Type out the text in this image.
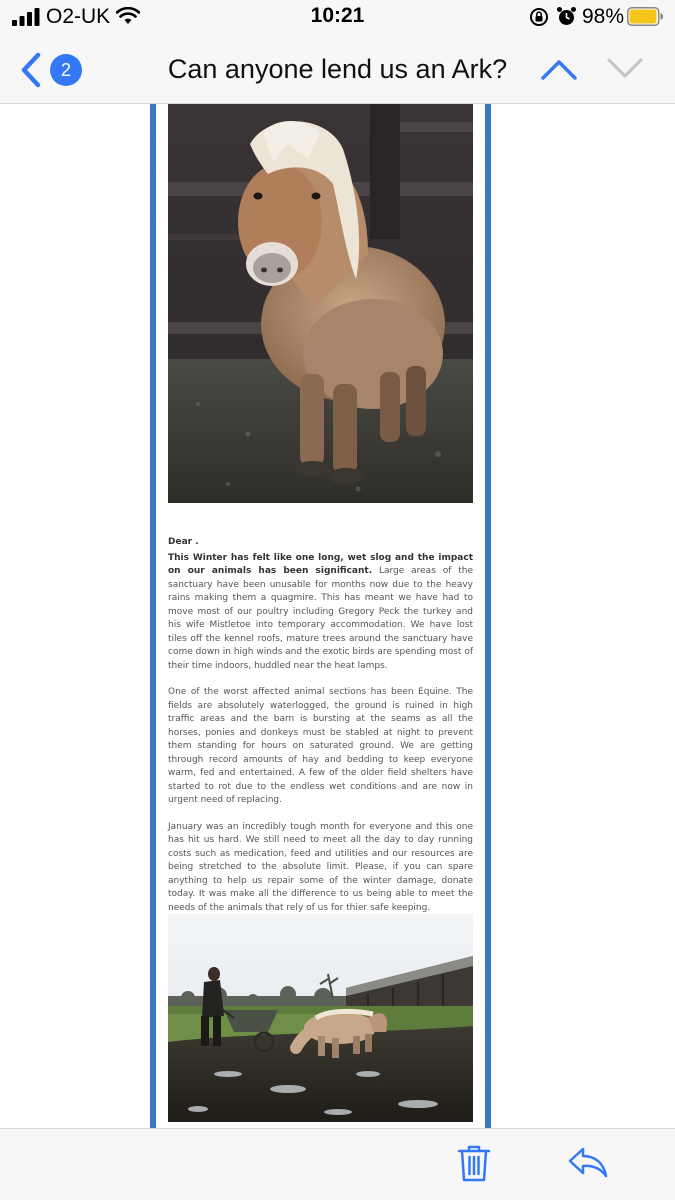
O2-UK	10:21	98%
2	Can anyone lend us an Ark?
Dear .

This Winter has felt like one long, wet slog and the impact on our animals has been significant. Large areas of the sanctuary have been unusable for months now due to the heavy rains making them a quagmire. This has meant we have had to move most of our poultry including Gregory Peck the turkey and his wife Mistletoe into temporary accommodation. We have lost tiles off the kennel roofs, mature trees around the sanctuary have come down in high winds and the exotic birds are spending most of their time indoors, huddled near the heat lamps.

One of the worst affected animal sections has been Equine. The fields are absolutely waterlogged, the ground is ruined in high traffic areas and the barn is bursting at the seams as all the horses, ponies and donkeys must be stabled at night to prevent them standing for hours on saturated ground. We are getting through record amounts of hay and bedding to keep everyone warm, fed and entertained. A few of the older field shelters have started to rot due to the endless wet conditions and are now in urgent need of replacing.

January was an incredibly tough month for everyone and this one has hit us hard. We still need to meet all the day to day running costs such as medication, feed and utilities and our resources are being stretched to the absolute limit. Please, if you can spare anything to help us repair some of the winter damage, donate today. It was make all the difference to us being able to meet the needs of the animals that rely of us for thier safe keeping.
